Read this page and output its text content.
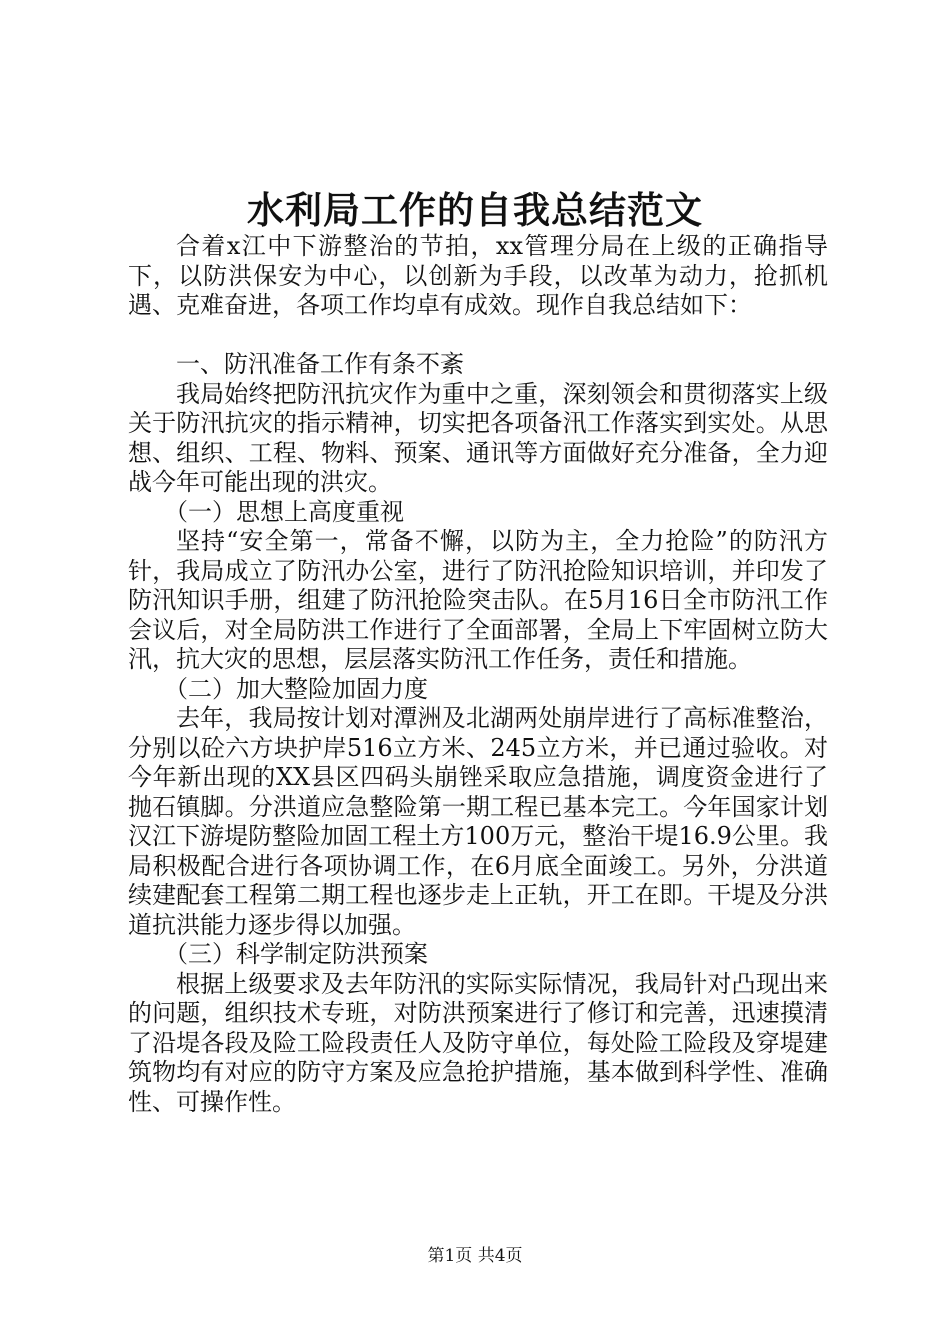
水利局工作的自我总结范文

合着x江中下游整治的节拍，xx管理分局在上级的正确指导下，以防洪保安为中心，以创新为手段，以改革为动力，抢抓机遇、克难奋进，各项工作均卓有成效。现作自我总结如下：

一、防汛准备工作有条不紊

我局始终把防汛抗灾作为重中之重，深刻领会和贯彻落实上级关于防汛抗灾的指示精神，切实把各项备汛工作落实到实处。从思想、组织、工程、物料、预案、通讯等方面做好充分准备，全力迎战今年可能出现的洪灾。

（一）思想上高度重视

坚持“安全第一，常备不懈，以防为主，全力抢险”的防汛方针，我局成立了防汛办公室，进行了防汛抢险知识培训，并印发了防汛知识手册，组建了防汛抢险突击队。在5月16日全市防汛工作会议后，对全局防洪工作进行了全面部署，全局上下牢固树立防大汛，抗大灾的思想，层层落实防汛工作任务，责任和措施。

（二）加大整险加固力度

去年，我局按计划对潭洲及北湖两处崩岸进行了高标准整治，分别以砼六方块护岸516立方米、245立方米，并已通过验收。对今年新出现的XX县区四码头崩锉采取应急措施，调度资金进行了抛石镇脚。分洪道应急整险第一期工程已基本完工。今年国家计划汉江下游堤防整险加固工程土方100万元，整治干堤16.9公里。我局积极配合进行各项协调工作，在6月底全面竣工。另外，分洪道续建配套工程第二期工程也逐步走上正轨，开工在即。干堤及分洪道抗洪能力逐步得以加强。

（三）科学制定防洪预案

根据上级要求及去年防汛的实际实际情况，我局针对凸现出来的问题，组织技术专班，对防洪预案进行了修订和完善，迅速摸清了沿堤各段及险工险段责任人及防守单位，每处险工险段及穿堤建筑物均有对应的防守方案及应急抢护措施，基本做到科学性、准确性、可操作性。

第1页 共4页
